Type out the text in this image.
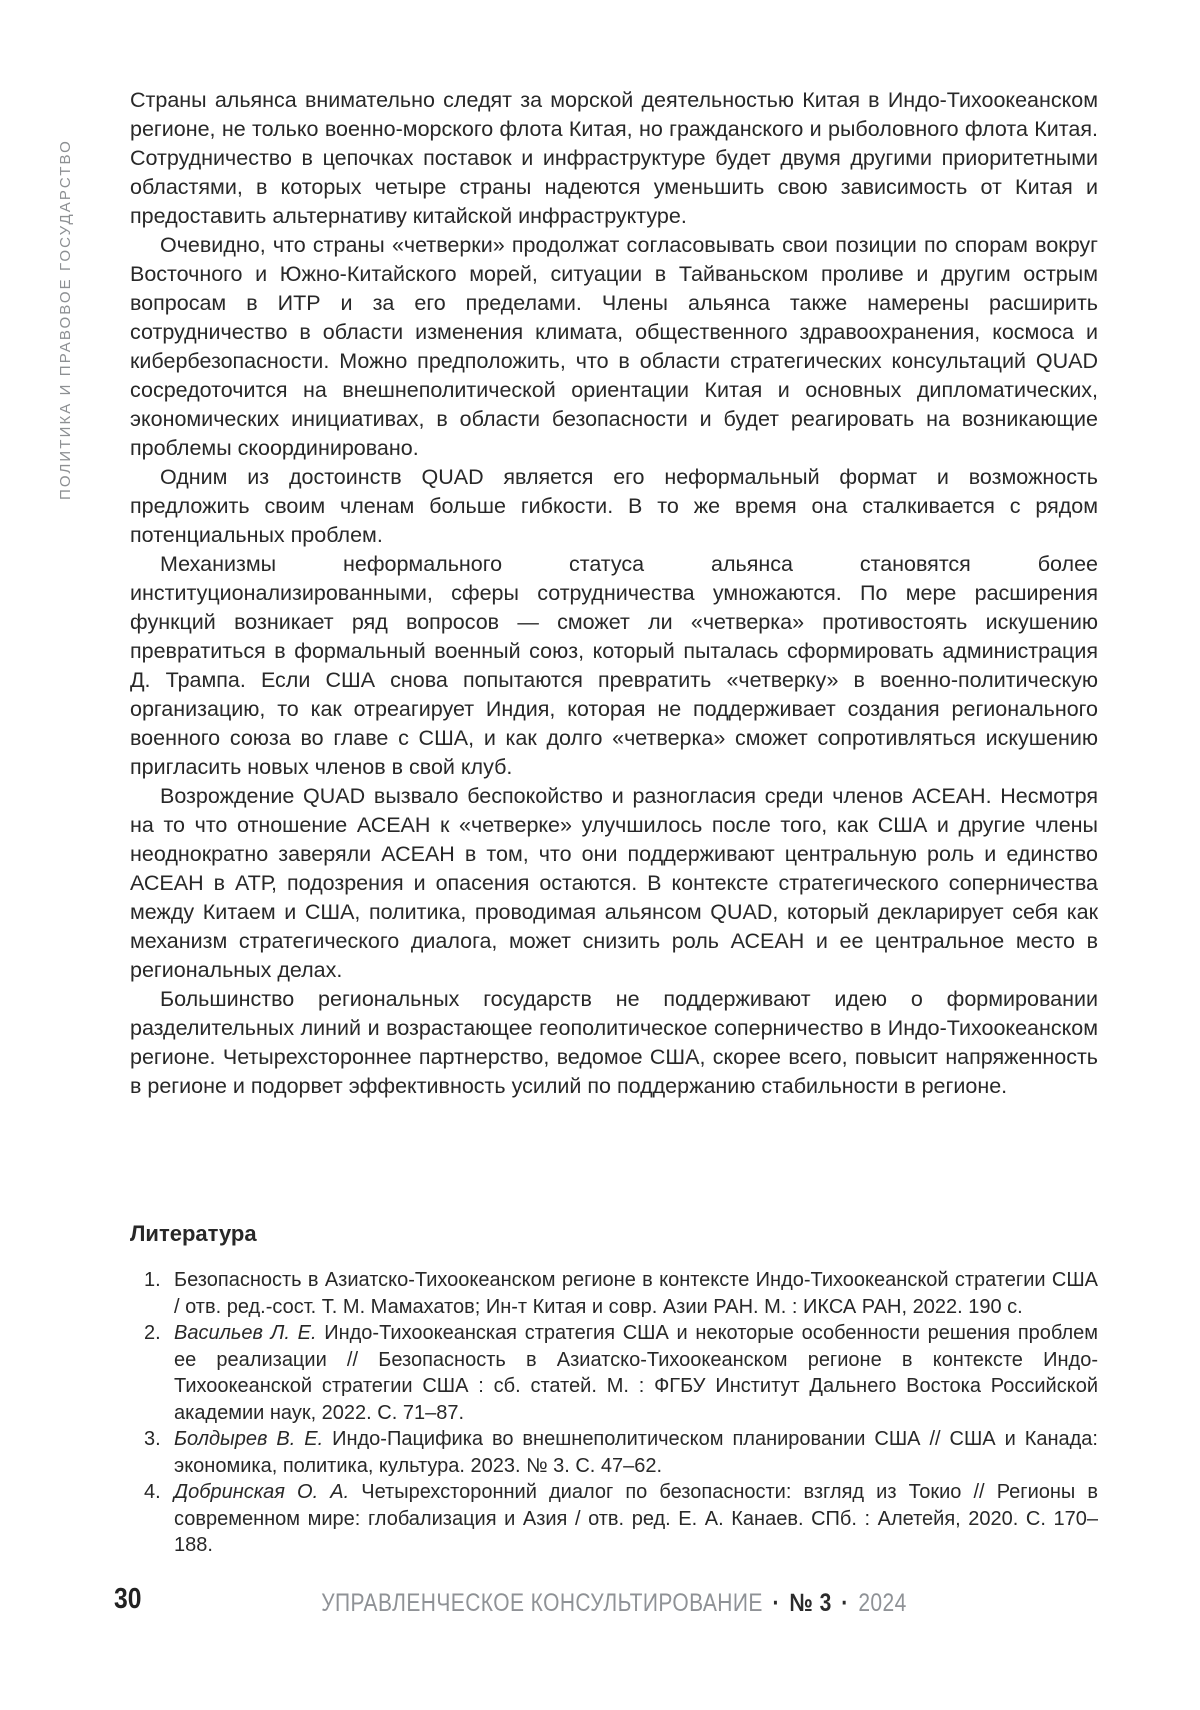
ПОЛИТИКА И ПРАВОВОЕ ГОСУДАРСТВО

Страны альянса внимательно следят за морской деятельностью Китая в Индо-Тихоокеанском регионе, не только военно-морского флота Китая, но гражданского и рыболовного флота Китая. Сотрудничество в цепочках поставок и инфраструктуре будет двумя другими приоритетными областями, в которых четыре страны надеются уменьшить свою зависимость от Китая и предоставить альтернативу китайской инфраструктуре.

Очевидно, что страны «четверки» продолжат согласовывать свои позиции по спорам вокруг Восточного и Южно-Китайского морей, ситуации в Тайваньском проливе и другим острым вопросам в ИТР и за его пределами. Члены альянса также намерены расширить сотрудничество в области изменения климата, общественного здравоохранения, космоса и кибербезопасности. Можно предположить, что в области стратегических консультаций QUAD сосредоточится на внешнеполитической ориентации Китая и основных дипломатических, экономических инициативах, в области безопасности и будет реагировать на возникающие проблемы скоординировано.

Одним из достоинств QUAD является его неформальный формат и возможность предложить своим членам больше гибкости. В то же время она сталкивается с рядом потенциальных проблем.

Механизмы неформального статуса альянса становятся более институционализированными, сферы сотрудничества умножаются. По мере расширения функций возникает ряд вопросов — сможет ли «четверка» противостоять искушению превратиться в формальный военный союз, который пыталась сформировать администрация Д. Трампа. Если США снова попытаются превратить «четверку» в военно-политическую организацию, то как отреагирует Индия, которая не поддерживает создания регионального военного союза во главе с США, и как долго «четверка» сможет сопротивляться искушению пригласить новых членов в свой клуб.

Возрождение QUAD вызвало беспокойство и разногласия среди членов АСЕАН. Несмотря на то что отношение АСЕАН к «четверке» улучшилось после того, как США и другие члены неоднократно заверяли АСЕАН в том, что они поддерживают центральную роль и единство АСЕАН в АТР, подозрения и опасения остаются. В контексте стратегического соперничества между Китаем и США, политика, проводимая альянсом QUAD, который декларирует себя как механизм стратегического диалога, может снизить роль АСЕАН и ее центральное место в региональных делах.

Большинство региональных государств не поддерживают идею о формировании разделительных линий и возрастающее геополитическое соперничество в Индо-Тихоокеанском регионе. Четырехстороннее партнерство, ведомое США, скорее всего, повысит напряженность в регионе и подорвет эффективность усилий по поддержанию стабильности в регионе.

Литература
1. Безопасность в Азиатско-Тихоокеанском регионе в контексте Индо-Тихоокеанской стратегии США / отв. ред.-сост. Т. М. Мамахатов; Ин-т Китая и совр. Азии РАН. М. : ИКСА РАН, 2022. 190 с.
2. Васильев Л. Е. Индо-Тихоокеанская стратегия США и некоторые особенности решения проблем ее реализации // Безопасность в Азиатско-Тихоокеанском регионе в контексте Индо-Тихоокеанской стратегии США : сб. статей. М. : ФГБУ Институт Дальнего Востока Российской академии наук, 2022. С. 71–87.
3. Болдырев В. Е. Индо-Пацифика во внешнеполитическом планировании США // США и Канада: экономика, политика, культура. 2023. № 3. С. 47–62.
4. Добринская О. А. Четырехсторонний диалог по безопасности: взгляд из Токио // Регионы в современном мире: глобализация и Азия / отв. ред. Е. А. Канаев. СПб. : Алетейя, 2020. С. 170–188.
30	УПРАВЛЕНЧЕСКОЕ КОНСУЛЬТИРОВАНИЕ · № 3 · 2024
